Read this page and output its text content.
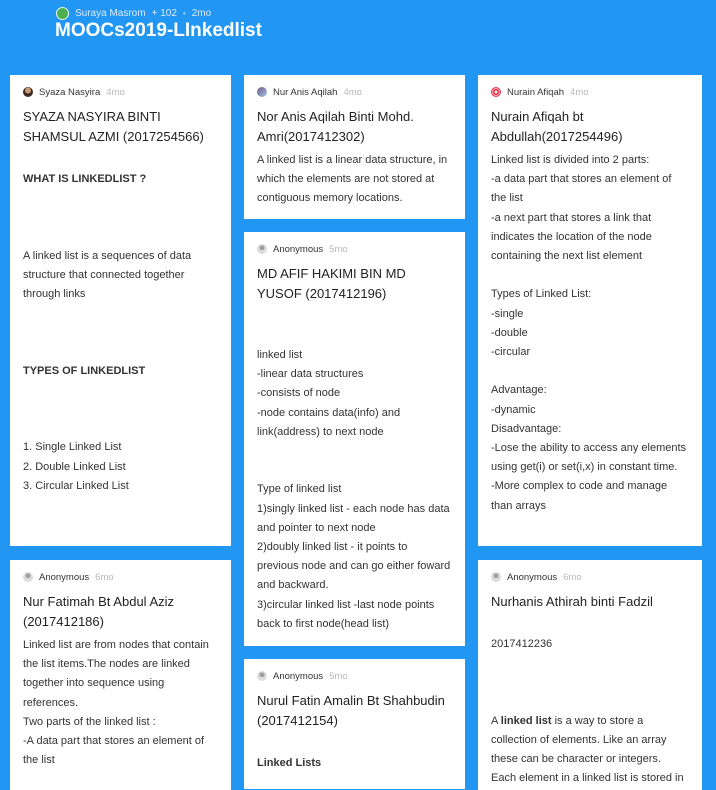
Suraya Masrom + 102 • 2mo
MOOCs2019-LInkedlist
Syaza Nasyira 4mo
SYAZA NASYIRA BINTI SHAMSUL AZMI (2017254566)

WHAT IS LINKEDLIST ?

A linked list is a sequences of data structure that connected together through links

TYPES OF LINKEDLIST

1. Single Linked List
2. Double Linked List
3. Circular Linked List

Nur Anis Aqilah 4mo
Nor Anis Aqilah Binti Mohd. Amri(2017412302)
A linked list is a linear data structure, in which the elements are not stored at contiguous memory locations.
Anonymous 5mo
MD AFIF HAKIMI BIN MD YUSOF (2017412196)
linked list
-linear data structures
-consists of node
-node contains data(info) and link(address) to next node

Type of linked list
1)singly linked list - each node has data and pointer to next node
2)doubly linked list - it points to previous node and can go either foward and backward.
3)circular linked list -last node points back to first node(head list)
Anonymous 5mo
Nurul Fatin Amalin Bt Shahbudin (2017412154)

Linked Lists

Nurain Afiqah 4mo
Nurain Afiqah bt Abdullah(2017254496)
Linked list is divided into 2 parts:
-a data part that stores an element of the list
-a next part that stores a link that indicates the location of the node containing the next list element

Types of Linked List:
-single
-double
-circular

Advantage:
-dynamic
Disadvantage:
-Lose the ability to access any elements using get(i) or set(i,x) in constant time.
-More complex to code and manage than arrays
Anonymous 6mo
Nur Fatimah Bt Abdul Aziz (2017412186)
Linked list are from nodes that contain the list items.The nodes are linked together into sequence using references.
Two parts of the linked list :
-A data part that stores an element of the list
Anonymous 6mo
Nurhanis Athirah binti Fadzil

2017412236

A linked list is a way to store a collection of elements. Like an array these can be character or integers. Each element in a linked list is stored in
